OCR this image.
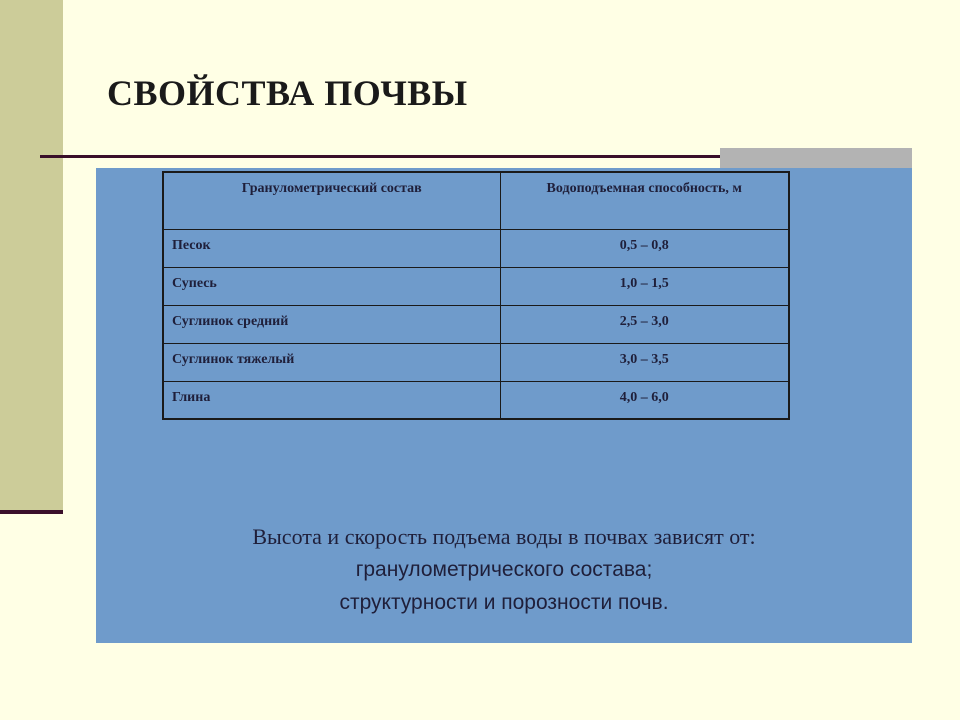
СВОЙСТВА ПОЧВЫ
Гранулометрический состав	Водоподъемная способность, м
Песок	0,5 – 0,8
Супесь	1,0 – 1,5
Суглинок средний	2,5 – 3,0
Суглинок тяжелый	3,0 – 3,5
Глина	4,0 – 6,0
Высота и скорость подъема воды в почвах зависят от:
гранулометрического состава;
структурности и порозности почв.
